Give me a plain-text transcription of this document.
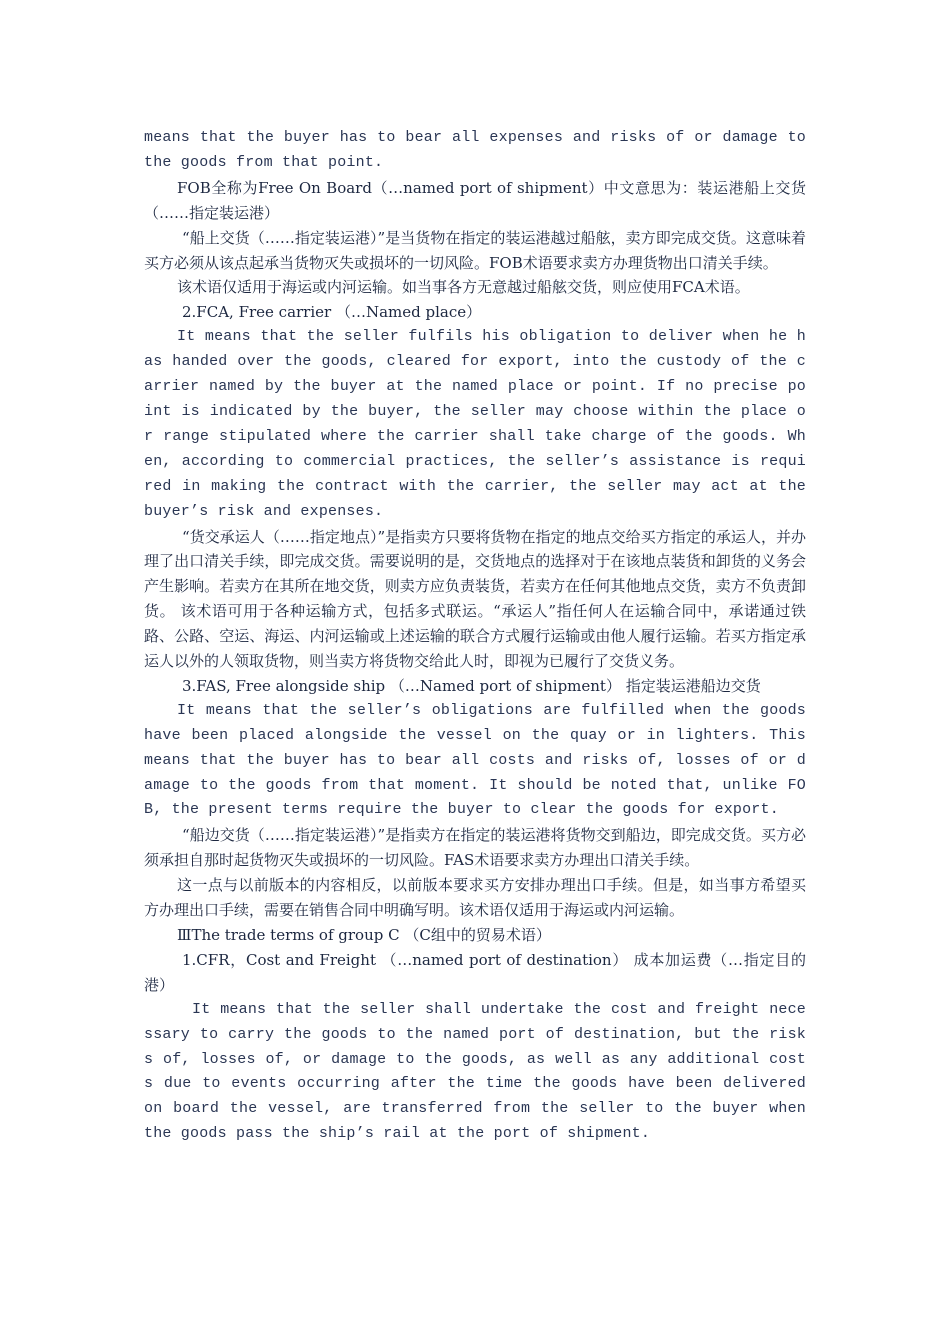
means that the buyer has to bear all expenses and risks of or damage to the goods from that point.

FOB全称为Free On Board（…named port of shipment）中文意思为：装运港船上交货（……指定装运港）

“船上交货（……指定装运港）”是当货物在指定的装运港越过船舷，卖方即完成交货。这意味着买方必须从该点起承当货物灭失或损坏的一切风险。FOB术语要求卖方办理货物出口清关手续。

该术语仅适用于海运或内河运输。如当事各方无意越过船舷交货，则应使用FCA术语。

2.FCA, Free carrier （…Named place）

It means that the seller fulfils his obligation to deliver when he has handed over the goods, cleared for export, into the custody of the carrier named by the buyer at the named place or point. If no precise point is indicated by the buyer, the seller may choose within the place or range stipulated where the carrier shall take charge of the goods. When, according to commercial practices, the seller’s assistance is required in making the contract with the carrier, the seller may act at the buyer’s risk and expenses.

“货交承运人（……指定地点）”是指卖方只要将货物在指定的地点交给买方指定的承运人，并办理了出口清关手续，即完成交货。需要说明的是，交货地点的选择对于在该地点装货和卸货的义务会产生影响。若卖方在其所在地交货，则卖方应负责装货，若卖方在任何其他地点交货，卖方不负责卸货。 该术语可用于各种运输方式，包括多式联运。“承运人”指任何人在运输合同中，承诺通过铁路、公路、空运、海运、内河运输或上述运输的联合方式履行运输或由他人履行运输。若买方指定承运人以外的人领取货物，则当卖方将货物交给此人时，即视为已履行了交货义务。

3.FAS, Free alongside ship （…Named port of shipment） 指定装运港船边交货

It means that the seller’s obligations are fulfilled when the goods have been placed alongside the vessel on the quay or in lighters. This means that the buyer has to bear all costs and risks of, losses of or damage to the goods from that moment. It should be noted that, unlike FOB, the present terms require the buyer to clear the goods for export.

“船边交货（……指定装运港）”是指卖方在指定的装运港将货物交到船边，即完成交货。买方必须承担自那时起货物灭失或损坏的一切风险。FAS术语要求卖方办理出口清关手续。

这一点与以前版本的内容相反，以前版本要求买方安排办理出口手续。但是，如当事方希望买方办理出口手续，需要在销售合同中明确写明。该术语仅适用于海运或内河运输。

ⅢThe trade terms of group C （C组中的贸易术语）

1.CFR，Cost and Freight （…named port of destination） 成本加运费（…指定目的港）

It means that the seller shall undertake the cost and freight necessary to carry the goods to the named port of destination, but the risks of, losses of, or damage to the goods, as well as any additional costs due to events occurring after the time the goods have been delivered on board the vessel, are transferred from the seller to the buyer when the goods pass the ship’s rail at the port of shipment.
